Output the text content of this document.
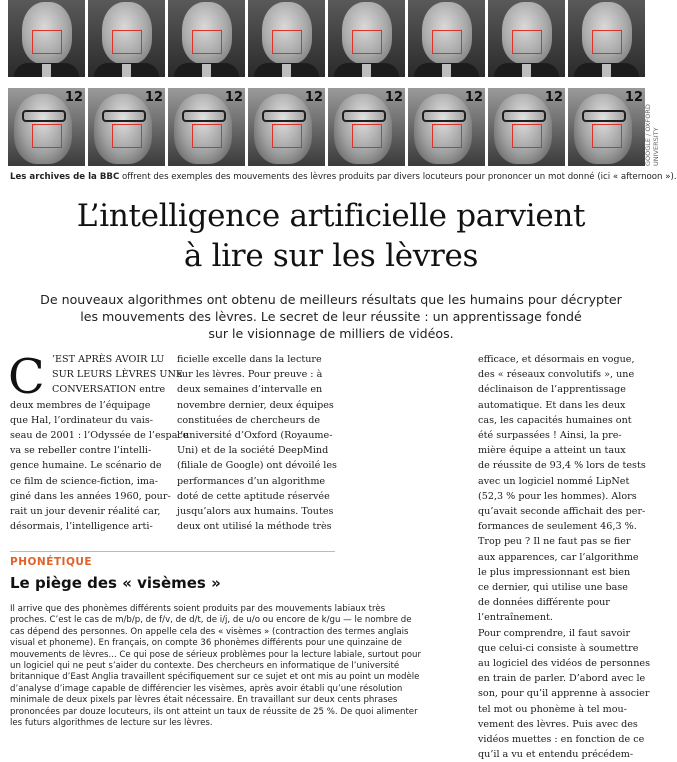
12	12	12	12	12	12	12	12
GOOGLE / OXFORD UNIVERSITY
Les archives de la BBC offrent des exemples des mouvements des lèvres produits par divers locuteurs pour prononcer un mot donné (ici « afternoon »).
L’intelligence artificielle parvient
à lire sur les lèvres
De nouveaux algorithmes ont obtenu de meilleurs résultats que les humains pour décrypter
les mouvements des lèvres. Le secret de leur réussite : un apprentissage fondé
sur le visionnage de milliers de vidéos.
C ’EST APRÈS AVOIR LU

SUR LEURS LÈVRES UNE

CONVERSATION entre

deux membres de l’équipage

que Hal, l’ordinateur du vais-

seau de 2001 : l’Odyssée de l’espace

va se rebeller contre l’intelli-

gence humaine. Le scénario de

ce film de science-fiction, ima-

giné dans les années 1960, pour-

rait un jour devenir réalité car,

désormais, l’intelligence arti-

ficielle excelle dans la lecture

sur les lèvres. Pour preuve : à

deux semaines d’intervalle en

novembre dernier, deux équipes

constituées de chercheurs de

l’université d’Oxford (Royaume-

Uni) et de la société DeepMind

(filiale de Google) ont dévoilé les

performances d’un algorithme

doté de cette aptitude réservée

jusqu’alors aux humains. Toutes

deux ont utilisé la méthode très

efficace, et désormais en vogue,

des « réseaux convolutifs », une

déclinaison de l’apprentissage

automatique. Et dans les deux

cas, les capacités humaines ont

été surpassées ! Ainsi, la pre-

mière équipe a atteint un taux

de réussite de 93,4 % lors de tests

avec un logiciel nommé LipNet

(52,3 % pour les hommes). Alors

qu’avait seconde affichait des per-

formances de seulement 46,3 %.

Trop peu ? Il ne faut pas se fier

aux apparences, car l’algorithme

le plus impressionnant est bien

ce dernier, qui utilise une base

de données différente pour

l’entraînement.

Pour comprendre, il faut savoir

que celui-ci consiste à soumettre

au logiciel des vidéos de personnes

en train de parler. D’abord avec le

son, pour qu’il apprenne à associer

tel mot ou phonème à tel mou-

vement des lèvres. Puis avec des

vidéos muettes : en fonction de ce

qu’il a vu et entendu précédem-

PHONÉTIQUE
Le piège des « visèmes »

Il arrive que des phonèmes différents soient produits par des mouvements labiaux très

proches. C’est le cas de m/b/p, de f/v, de d/t, de i/j, de u/o ou encore de k/gu — le nombre de

cas dépend des personnes. On appelle cela des « visèmes » (contraction des termes anglais

visual et phoneme). En français, on compte 36 phonèmes différents pour une quinzaine de

mouvements de lèvres... Ce qui pose de sérieux problèmes pour la lecture labiale, surtout pour

un logiciel qui ne peut s’aider du contexte. Des chercheurs en informatique de l’université

britannique d’East Anglia travaillent spécifiquement sur ce sujet et ont mis au point un modèle

d’analyse d’image capable de différencier les visèmes, après avoir établi qu’une résolution

minimale de deux pixels par lèvres était nécessaire. En travaillant sur deux cents phrases

prononcées par douze locuteurs, ils ont atteint un taux de réussite de 25 %. De quoi alimenter

les futurs algorithmes de lecture sur les lèvres.
